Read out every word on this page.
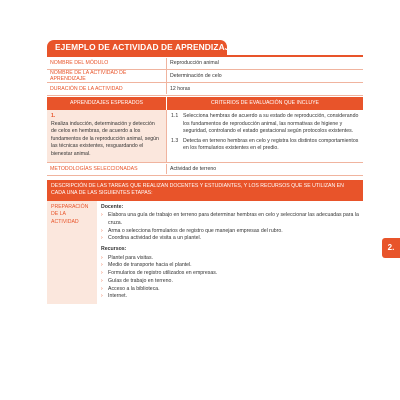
EJEMPLO DE ACTIVIDAD DE APRENDIZAJE
NOMBRE DEL MÓDULO	Reproducción animal
NOMBRE DE LA ACTIVIDAD DE APRENDIZAJE	Determinación de celo
DURACIÓN DE LA ACTIVIDAD	12 horas
APRENDIZAJES ESPERADOS	CRITERIOS DE EVALUACIÓN QUE INCLUYE
1.
Realiza inducción, determinación y detección de celos en hembras, de acuerdo a los fundamentos de la reproducción animal, según las técnicas existentes, resguardando el bienestar animal.
1.1 Selecciona hembras de acuerdo a su estado de reproducción, considerando los fundamentos de reproducción animal, las normativas de higiene y seguridad, controlando el estado gestacional según protocolos existentes.
1.3 Detecta en terreno hembras en celo y registra los distintos comportamientos en los formularios existentes en el predio.
METODOLOGÍAS SELECCIONADAS	Actividad de terreno
DESCRIPCIÓN DE LAS TAREAS QUE REALIZAN DOCENTES Y ESTUDIANTES, Y LOS RECURSOS QUE SE UTILIZAN EN CADA UNA DE LAS SIGUIENTES ETAPAS:
PREPARACIÓN DE LA ACTIVIDAD
Docente:
›	Elabora una guía de trabajo en terreno para determinar hembras en celo y seleccionar las adecuadas para la cruza.
›	Arma o selecciona formularios de registro que manejan empresas del rubro.
›	Coordina actividad de visita a un plantel.
Recursos:
›	Plantel para visitas.
›	Medio de transporte hacia el plantel.
›	Formularios de registro utilizados en empresas.
›	Guías de trabajo en terreno.
›	Acceso a la biblioteca.
›	Internet.
2.
